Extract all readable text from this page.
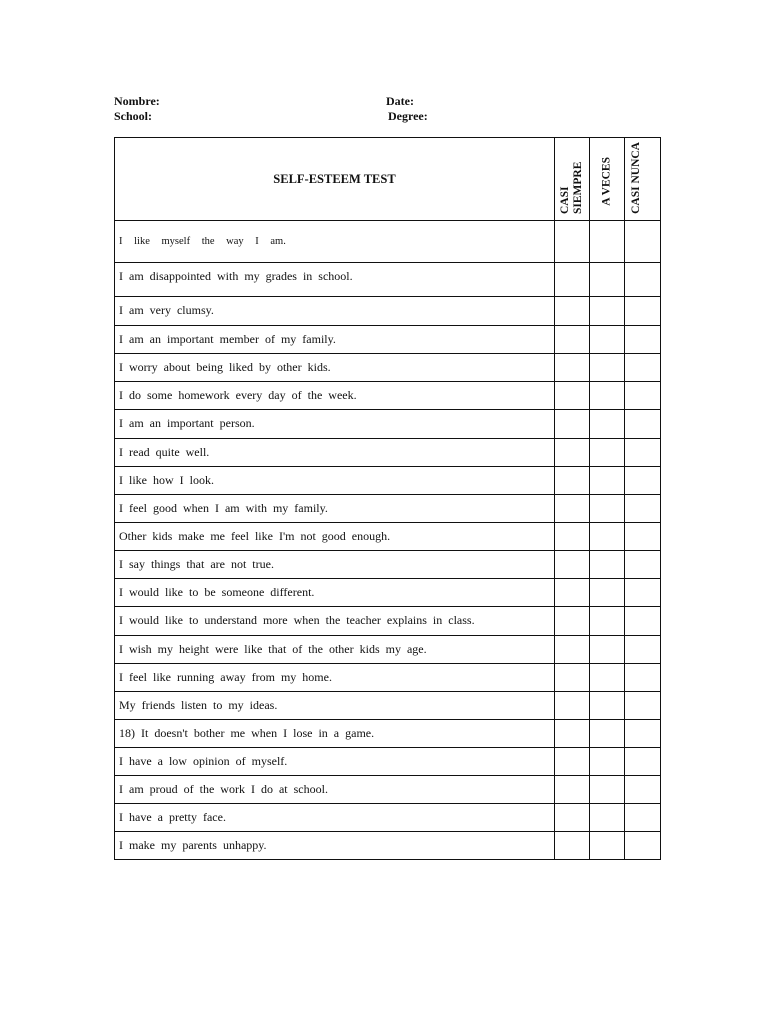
Nombre:	Date:
School:	Degree:
SELF-ESTEEM TEST	CASI SIEMPRE	A VECES	CASI NUNCA

I like myself the way I am.			

I am disappointed with my grades in school.			

I am very clumsy.			

I am an important member of my family.			

I worry about being liked by other kids.			

I do some homework every day of the week.			

I am an important person.			

I read quite well.			

I like how I look.			

I feel good when I am with my family.			

Other kids make me feel like I'm not good enough.			

I say things that are not true.			

I would like to be someone different.			

I would like to understand more when the teacher explains in class.			

I wish my height were like that of the other kids my age.			

I feel like running away from my home.			

My friends listen to my ideas.			

18) It doesn't bother me when I lose in a game.			

I have a low opinion of myself.			

I am proud of the work I do at school.			

I have a pretty face.			

I make my parents unhappy.			
